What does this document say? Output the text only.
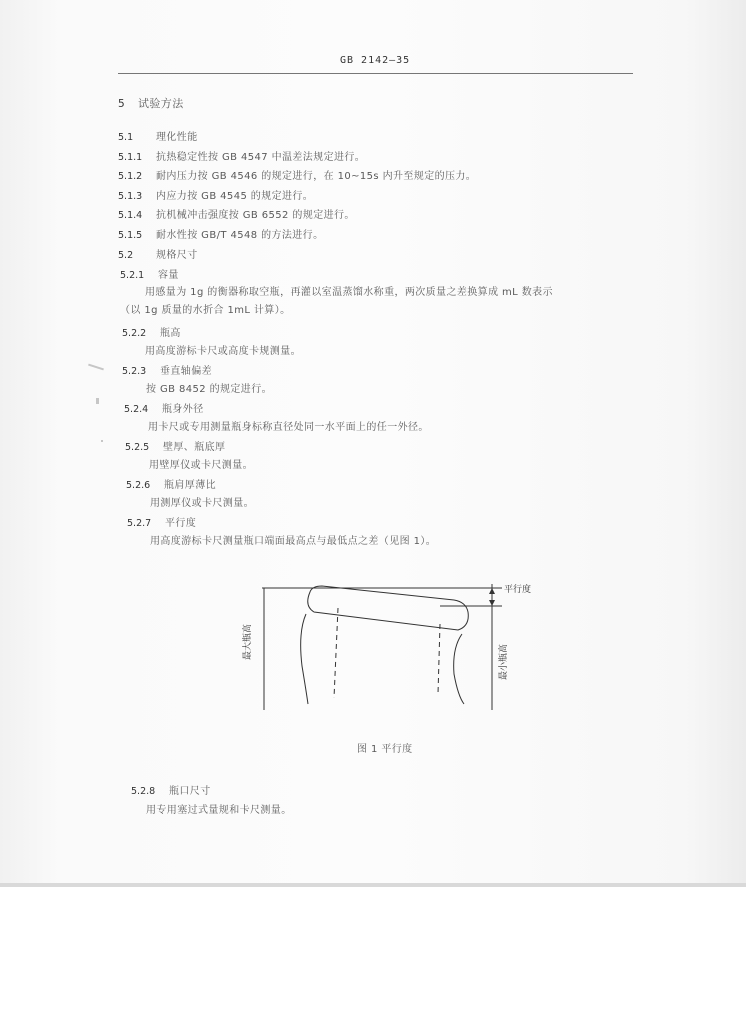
GB 2142—35
5	试验方法
5.1	理化性能
5.1.1	抗热稳定性按 GB 4547 中温差法规定进行。
5.1.2	耐内压力按 GB 4546 的规定进行，在 10~15s 内升至规定的压力。
5.1.3	内应力按 GB 4545 的规定进行。
5.1.4	抗机械冲击强度按 GB 6552 的规定进行。
5.1.5	耐水性按 GB/T 4548 的方法进行。
5.2	规格尺寸
5.2.1	容量
用感量为 1g 的衡器称取空瓶，再灌以室温蒸馏水称重，两次质量之差换算成 mL 数表示
（以 1g 质量的水折合 1mL 计算）。
5.2.2	瓶高
用高度游标卡尺或高度卡规测量。
5.2.3	垂直轴偏差
按 GB 8452 的规定进行。
5.2.4	瓶身外径
用卡尺或专用测量瓶身标称直径处同一水平面上的任一外径。
5.2.5	壁厚、瓶底厚
用壁厚仪或卡尺测量。
5.2.6	瓶肩厚薄比
用测厚仪或卡尺测量。
5.2.7	平行度
用高度游标卡尺测量瓶口端面最高点与最低点之差（见图 1）。
平行度
最大瓶高
最小瓶高
图 1 平行度
5.2.8	瓶口尺寸
用专用塞过式量规和卡尺测量。
